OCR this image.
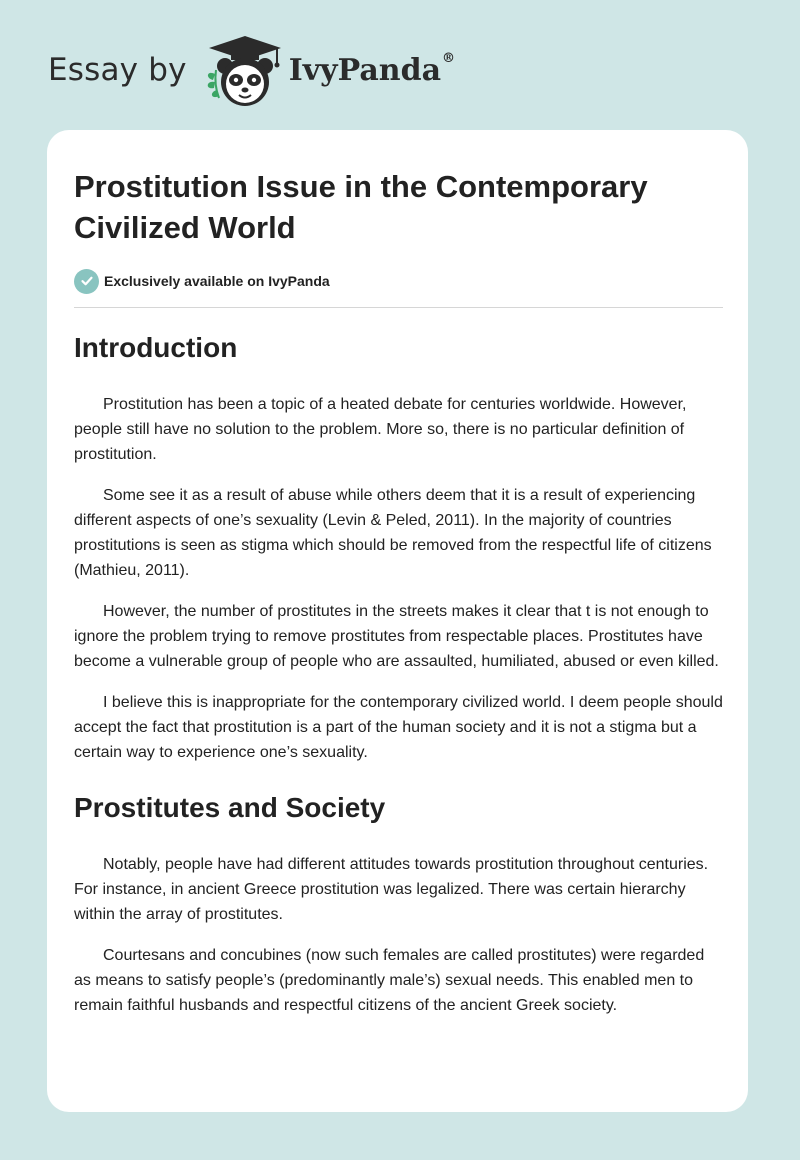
Essay by	IvyPanda®
Prostitution Issue in the Contemporary Civilized World
Exclusively available on IvyPanda
Introduction

Prostitution has been a topic of a heated debate for centuries worldwide. However, people still have no solution to the problem. More so, there is no particular definition of prostitution.

Some see it as a result of abuse while others deem that it is a result of experiencing different aspects of one’s sexuality (Levin & Peled, 2011). In the majority of countries prostitutions is seen as stigma which should be removed from the respectful life of citizens (Mathieu, 2011).

However, the number of prostitutes in the streets makes it clear that t is not enough to ignore the problem trying to remove prostitutes from respectable places. Prostitutes have become a vulnerable group of people who are assaulted, humiliated, abused or even killed.

I believe this is inappropriate for the contemporary civilized world. I deem people should accept the fact that prostitution is a part of the human society and it is not a stigma but a certain way to experience one’s sexuality.

Prostitutes and Society

Notably, people have had different attitudes towards prostitution throughout centuries. For instance, in ancient Greece prostitution was legalized. There was certain hierarchy within the array of prostitutes.

Courtesans and concubines (now such females are called prostitutes) were regarded as means to satisfy people’s (predominantly male’s) sexual needs. This enabled men to remain faithful husbands and respectful citizens of the ancient Greek society.
